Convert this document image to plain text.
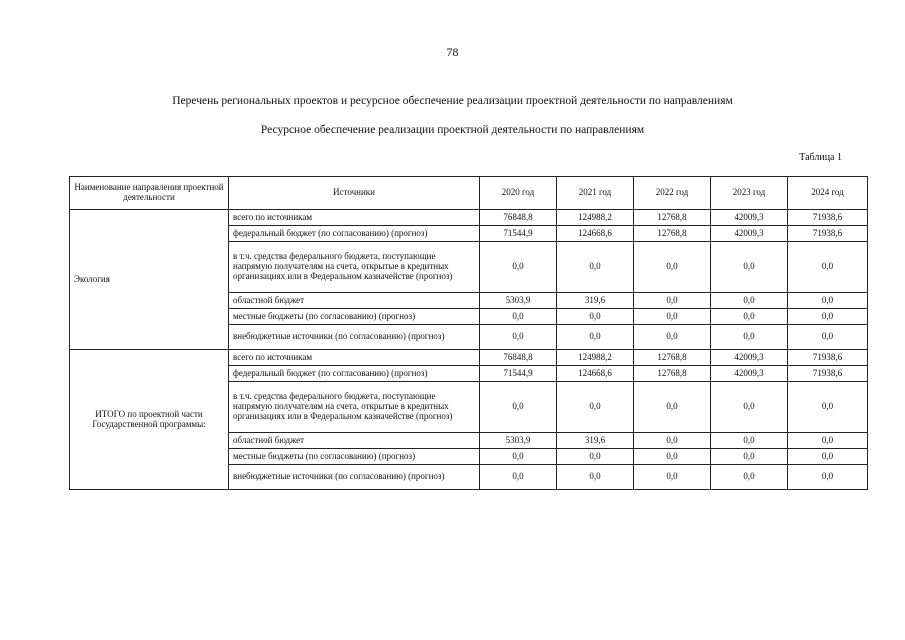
78
Перечень региональных проектов и ресурсное обеспечение реализации проектной деятельности по направлениям
Ресурсное обеспечение реализации проектной деятельности по направлениям
Таблица 1
Наименование направления проектной деятельности	Источники	2020 год	2021 год	2022 год	2023 год	2024 год
Экология	всего по источникам	76848,8	124988,2	12768,8	42009,3	71938,6
	федеральный бюджет (по согласованию) (прогноз)	71544,9	124668,6	12768,8	42009,3	71938,6
	в т.ч. средства федерального бюджета, поступающие напрямую получателям на счета, открытые в кредитных организациях или в Федеральном казначействе (прогноз)	0,0	0,0	0,0	0,0	0,0
	областной бюджет	5303,9	319,6	0,0	0,0	0,0
	местные бюджеты (по согласованию) (прогноз)	0,0	0,0	0,0	0,0	0,0
	внебюджетные источники (по согласованию) (прогноз)	0,0	0,0	0,0	0,0	0,0
ИТОГО по проектной части Государственной программы:	всего по источникам	76848,8	124988,2	12768,8	42009,3	71938,6
	федеральный бюджет (по согласованию) (прогноз)	71544,9	124668,6	12768,8	42009,3	71938,6
	в т.ч. средства федерального бюджета, поступающие напрямую получателям на счета, открытые в кредитных организациях или в Федеральном казначействе (прогноз)	0,0	0,0	0,0	0,0	0,0
	областной бюджет	5303,9	319,6	0,0	0,0	0,0
	местные бюджеты (по согласованию) (прогноз)	0,0	0,0	0,0	0,0	0,0
	внебюджетные источники (по согласованию) (прогноз)	0,0	0,0	0,0	0,0	0,0
